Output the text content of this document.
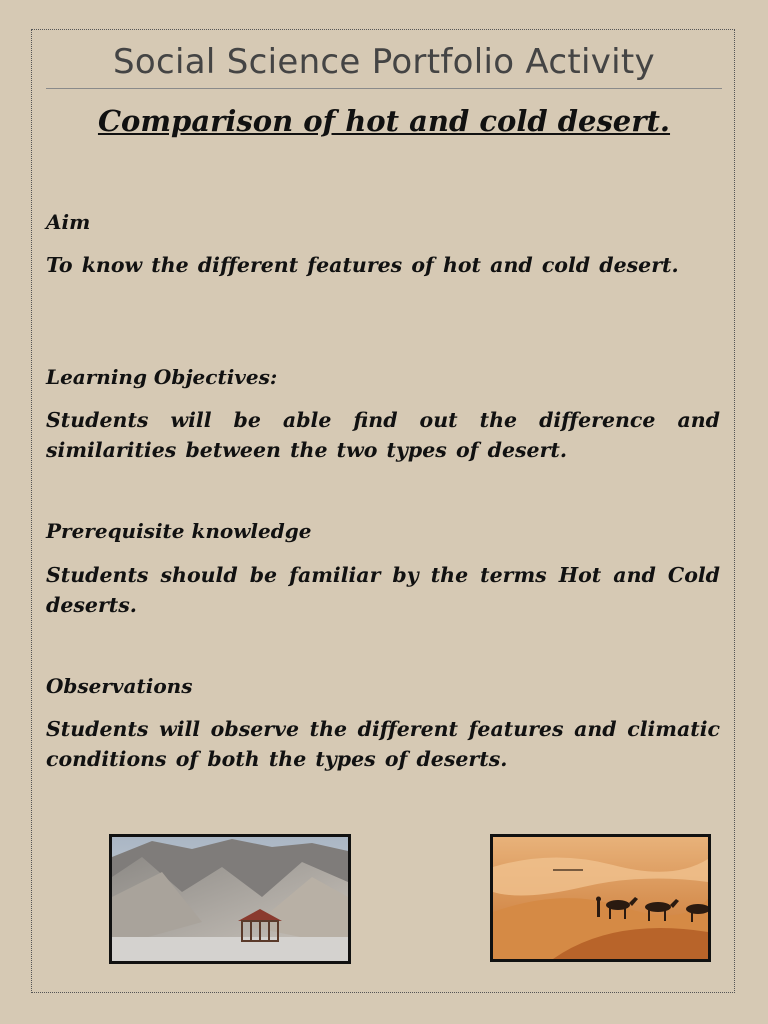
Social Science Portfolio Activity
Comparison of hot and cold desert.
Aim
To know the different features of hot and cold desert.
Learning Objectives:
Students will be able find out the difference and similarities between the two types of desert.
Prerequisite knowledge
Students should be familiar by the terms Hot and Cold deserts.
Observations
Students will observe the different features and climatic conditions of both the types of deserts.
